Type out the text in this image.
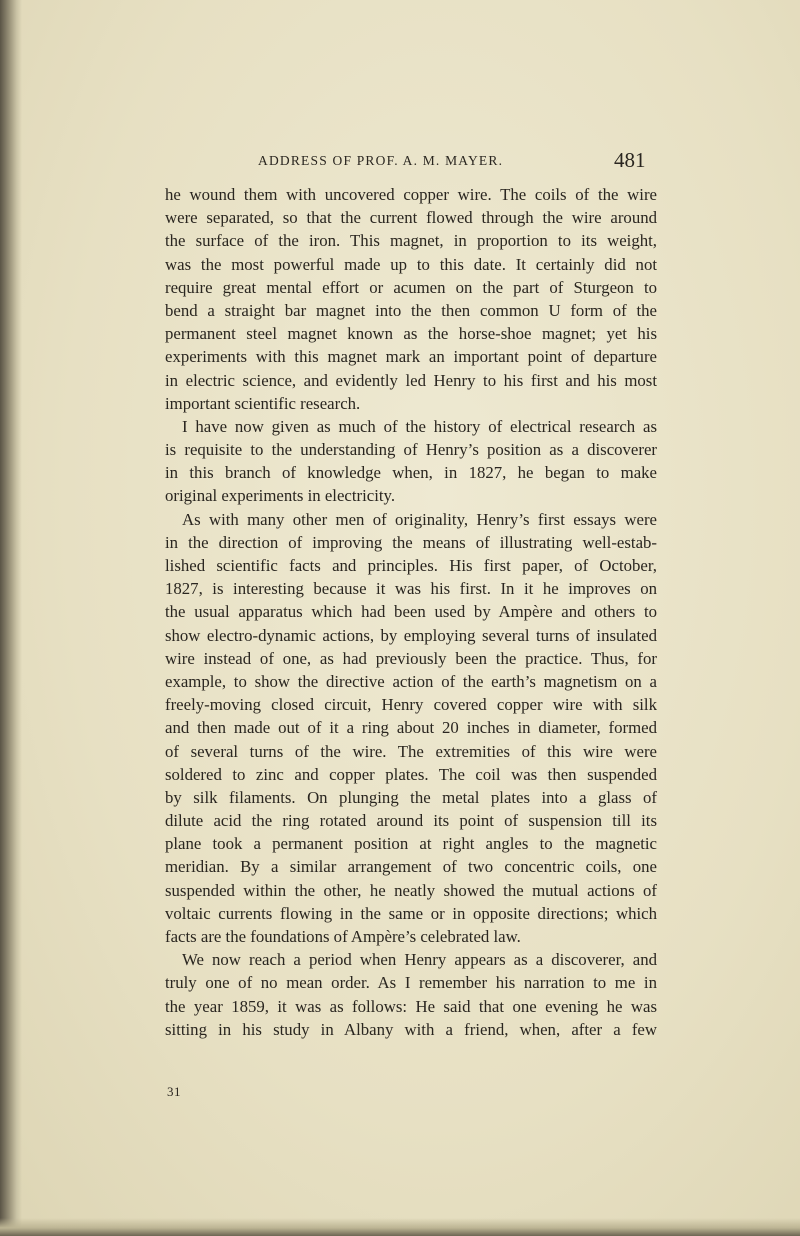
ADDRESS OF PROF. A. M. MAYER.	481
he wound them with uncovered copper wire. The coils of the wire
were separated, so that the current flowed through the wire around
the surface of the iron. This magnet, in proportion to its weight,
was the most powerful made up to this date. It certainly did not
require great mental effort or acumen on the part of Sturgeon to
bend a straight bar magnet into the then common U form of the
permanent steel magnet known as the horse-shoe magnet; yet his
experiments with this magnet mark an important point of departure
in electric science, and evidently led Henry to his first and his most
important scientific research.
I have now given as much of the history of electrical research as
is requisite to the understanding of Henry’s position as a discoverer
in this branch of knowledge when, in 1827, he began to make
original experiments in electricity.
As with many other men of originality, Henry’s first essays were
in the direction of improving the means of illustrating well-estab-
lished scientific facts and principles. His first paper, of October,
1827, is interesting because it was his first. In it he improves on
the usual apparatus which had been used by Ampère and others to
show electro-dynamic actions, by employing several turns of insulated
wire instead of one, as had previously been the practice. Thus, for
example, to show the directive action of the earth’s magnetism on a
freely-moving closed circuit, Henry covered copper wire with silk
and then made out of it a ring about 20 inches in diameter, formed
of several turns of the wire. The extremities of this wire were
soldered to zinc and copper plates. The coil was then suspended
by silk filaments. On plunging the metal plates into a glass of
dilute acid the ring rotated around its point of suspension till its
plane took a permanent position at right angles to the magnetic
meridian. By a similar arrangement of two concentric coils, one
suspended within the other, he neatly showed the mutual actions of
voltaic currents flowing in the same or in opposite directions; which
facts are the foundations of Ampère’s celebrated law.
We now reach a period when Henry appears as a discoverer, and
truly one of no mean order. As I remember his narration to me in
the year 1859, it was as follows: He said that one evening he was
sitting in his study in Albany with a friend, when, after a few
31
